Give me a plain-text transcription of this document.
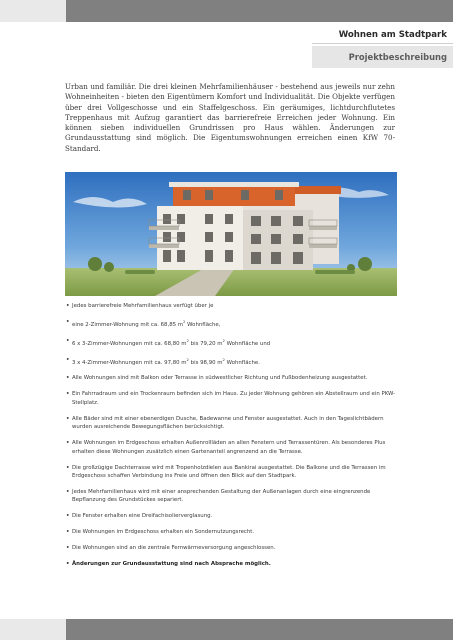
Wohnen am Stadtpark
Projektbeschreibung

Urban und familiär. Die drei kleinen Mehrfamilienhäuser - bestehend aus jeweils nur zehn Wohneinheiten - bieten den Eigentümern Komfort und Individualität. Die Objekte verfügen über drei Vollgeschosse und ein Staffelgeschoss. Ein geräumiges, lichtdurchflutetes Treppenhaus mit Aufzug garantiert das barrierefreie Erreichen jeder Wohnung. Ein können sieben individuellen Grundrissen pro Haus wählen. Änderungen zur Grundausstattung sind möglich. Die Eigentumswohnungen erreichen einen KfW 70-Standard.

• Jedes barrierefreie Mehrfamilienhaus verfügt über je
• eine 2-Zimmer-Wohnung mit ca. 68,85 $m^2$ Wohnfläche,
• 6 x 3-Zimmer-Wohnungen mit ca. 68,80 $m^2$ bis 79,20 $m^2$ Wohnfläche und
• 3 x 4-Zimmer-Wohnungen mit ca. 97,80 $m^2$ bis 98,90 $m^2$ Wohnfläche.
• Alle Wohnungen sind mit Balkon oder Terrasse in südwestlicher Richtung und Fußbodenheizung ausgestattet.
• Ein Fahrradraum und ein Trockenraum befinden sich im Haus. Zu jeder Wohnung gehören ein Abstellraum und ein PKW-Stellplatz.
• Alle Bäder sind mit einer ebenerdigen Dusche, Badewanne und Fenster ausgestattet. Auch in den Tageslichtbädern wurden ausreichende Bewegungsflächen berücksichtigt.
• Alle Wohnungen im Erdgeschoss erhalten Außenrollläden an allen Fenstern und Terrassentüren. Als besonderes Plus erhalten diese Wohnungen zusätzlich einen Gartenanteil angrenzend an die Terrasse.
• Die großzügige Dachterrasse wird mit Tropenholzdielen aus Bankirai ausgestattet. Die Balkone und die Terrassen im Erdgeschoss schaffen Verbindung ins Freie und öffnen den Blick auf den Stadtpark.
• Jedes Mehrfamilienhaus wird mit einer ansprechenden Gestaltung der Außenanlagen durch eine eingrenzende Bepflanzung des Grundstückes separiert.
• Die Fenster erhalten eine Dreifachisolierverglasung.
• Die Wohnungen im Erdgeschoss erhalten ein Sondernutzungsrecht.
• Die Wohnungen sind an die zentrale Fernwärmeversorgung angeschlossen.
• Änderungen zur Grundausstattung sind nach Absprache möglich.
